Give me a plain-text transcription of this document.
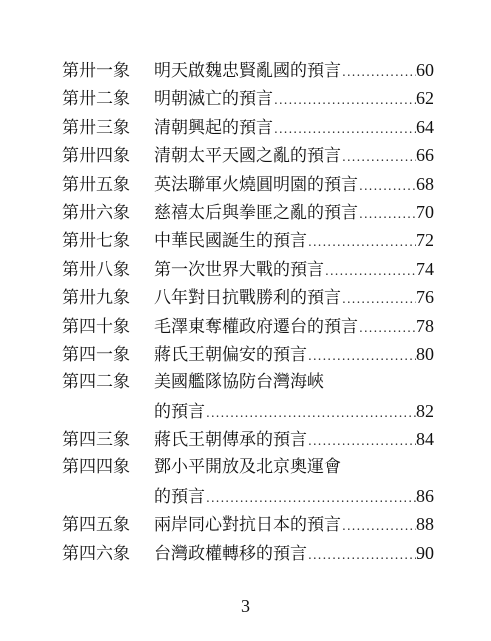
第卅一象	明天啟魏忠賢亂國的預言 .....	60
第卅二象	明朝滅亡的預言 .....	62
第卅三象	清朝興起的預言 .....	64
第卅四象	清朝太平天國之亂的預言 .....	66
第卅五象	英法聯軍火燒圓明園的預言 .....	68
第卅六象	慈禧太后與拳匪之亂的預言 .....	70
第卅七象	中華民國誕生的預言 .....	72
第卅八象	第一次世界大戰的預言 .....	74
第卅九象	八年對日抗戰勝利的預言 .....	76
第四十象	毛澤東奪權政府遷台的預言 .....	78
第四一象	蔣氏王朝偏安的預言 .....	80
第四二象	美國艦隊協防台灣海峽
的預言 .....	82
第四三象	蔣氏王朝傳承的預言 .....	84
第四四象	鄧小平開放及北京奧運會
的預言 .....	86
第四五象	兩岸同心對抗日本的預言 .....	88
第四六象	台灣政權轉移的預言 .....	90
3
